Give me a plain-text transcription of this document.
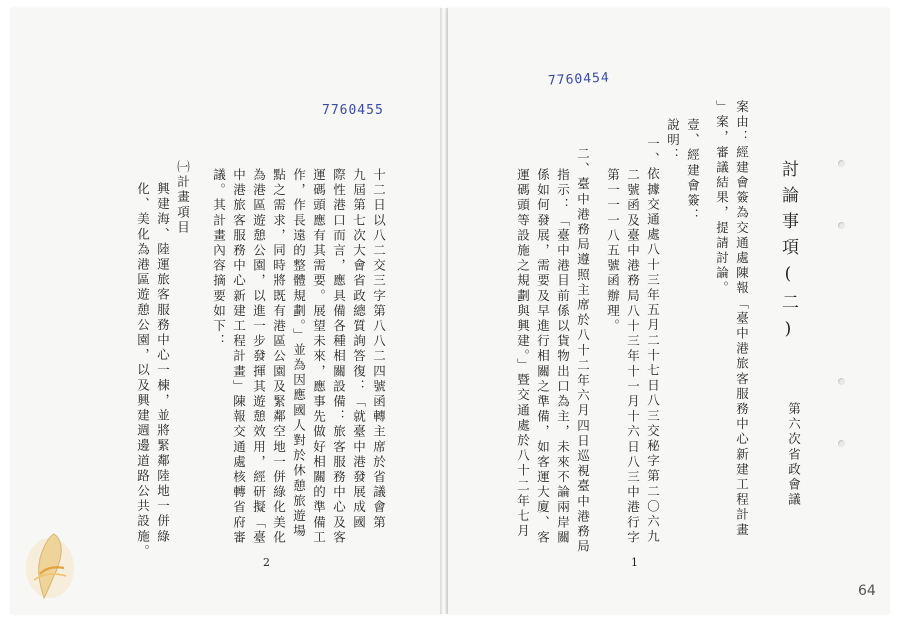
7760454
7760455
討論事項(二)
案由：經建會簽為交通處陳報「臺中港旅客服務中心新建工程計畫
」案，審議結果，提請討論。
壹、經建會簽：
說明：
一、依據交通處八十三年五月二十七日八三交秘字第二〇六九
二號函及臺中港務局八十三年十一月十六日八三中港行字
第一一一八五號函辦理。
二、臺中港務局遵照主席於八十二年六月四日巡視臺中港務局
指示：「臺中港目前係以貨物出口為主，未來不論兩岸關
係如何發展，需要及早進行相關之準備，如客運大廈、客
運碼頭等設施之規劃與興建。」暨交通處於八十二年七月	第六次省政會議
1
64
十二日以八二交三字第八八二四號函轉主席於省議會第
九屆第七次大會省政總質詢答復：「就臺中港發展成國
際性港口而言，應具備各種相關設備：旅客服務中心及客
運碼頭應有其需要。展望未來，應事先做好相關的準備工
作，作長遠的整體規劃。」並為因應國人對於休憩旅遊場
點之需求，同時將既有港區公園及緊鄰空地一併綠化美化
為港區遊憩公園，以進一步發揮其遊憩效用，經研擬「臺
中港旅客服務中心新建工程計畫」陳報交通處核轉省府審
議。其計畫內容摘要如下：
㈠計畫項目
興建海、陸運旅客服務中心一棟，並將緊鄰陸地一併綠
化、美化為港區遊憩公園，以及興建週邊道路公共設施。
2
